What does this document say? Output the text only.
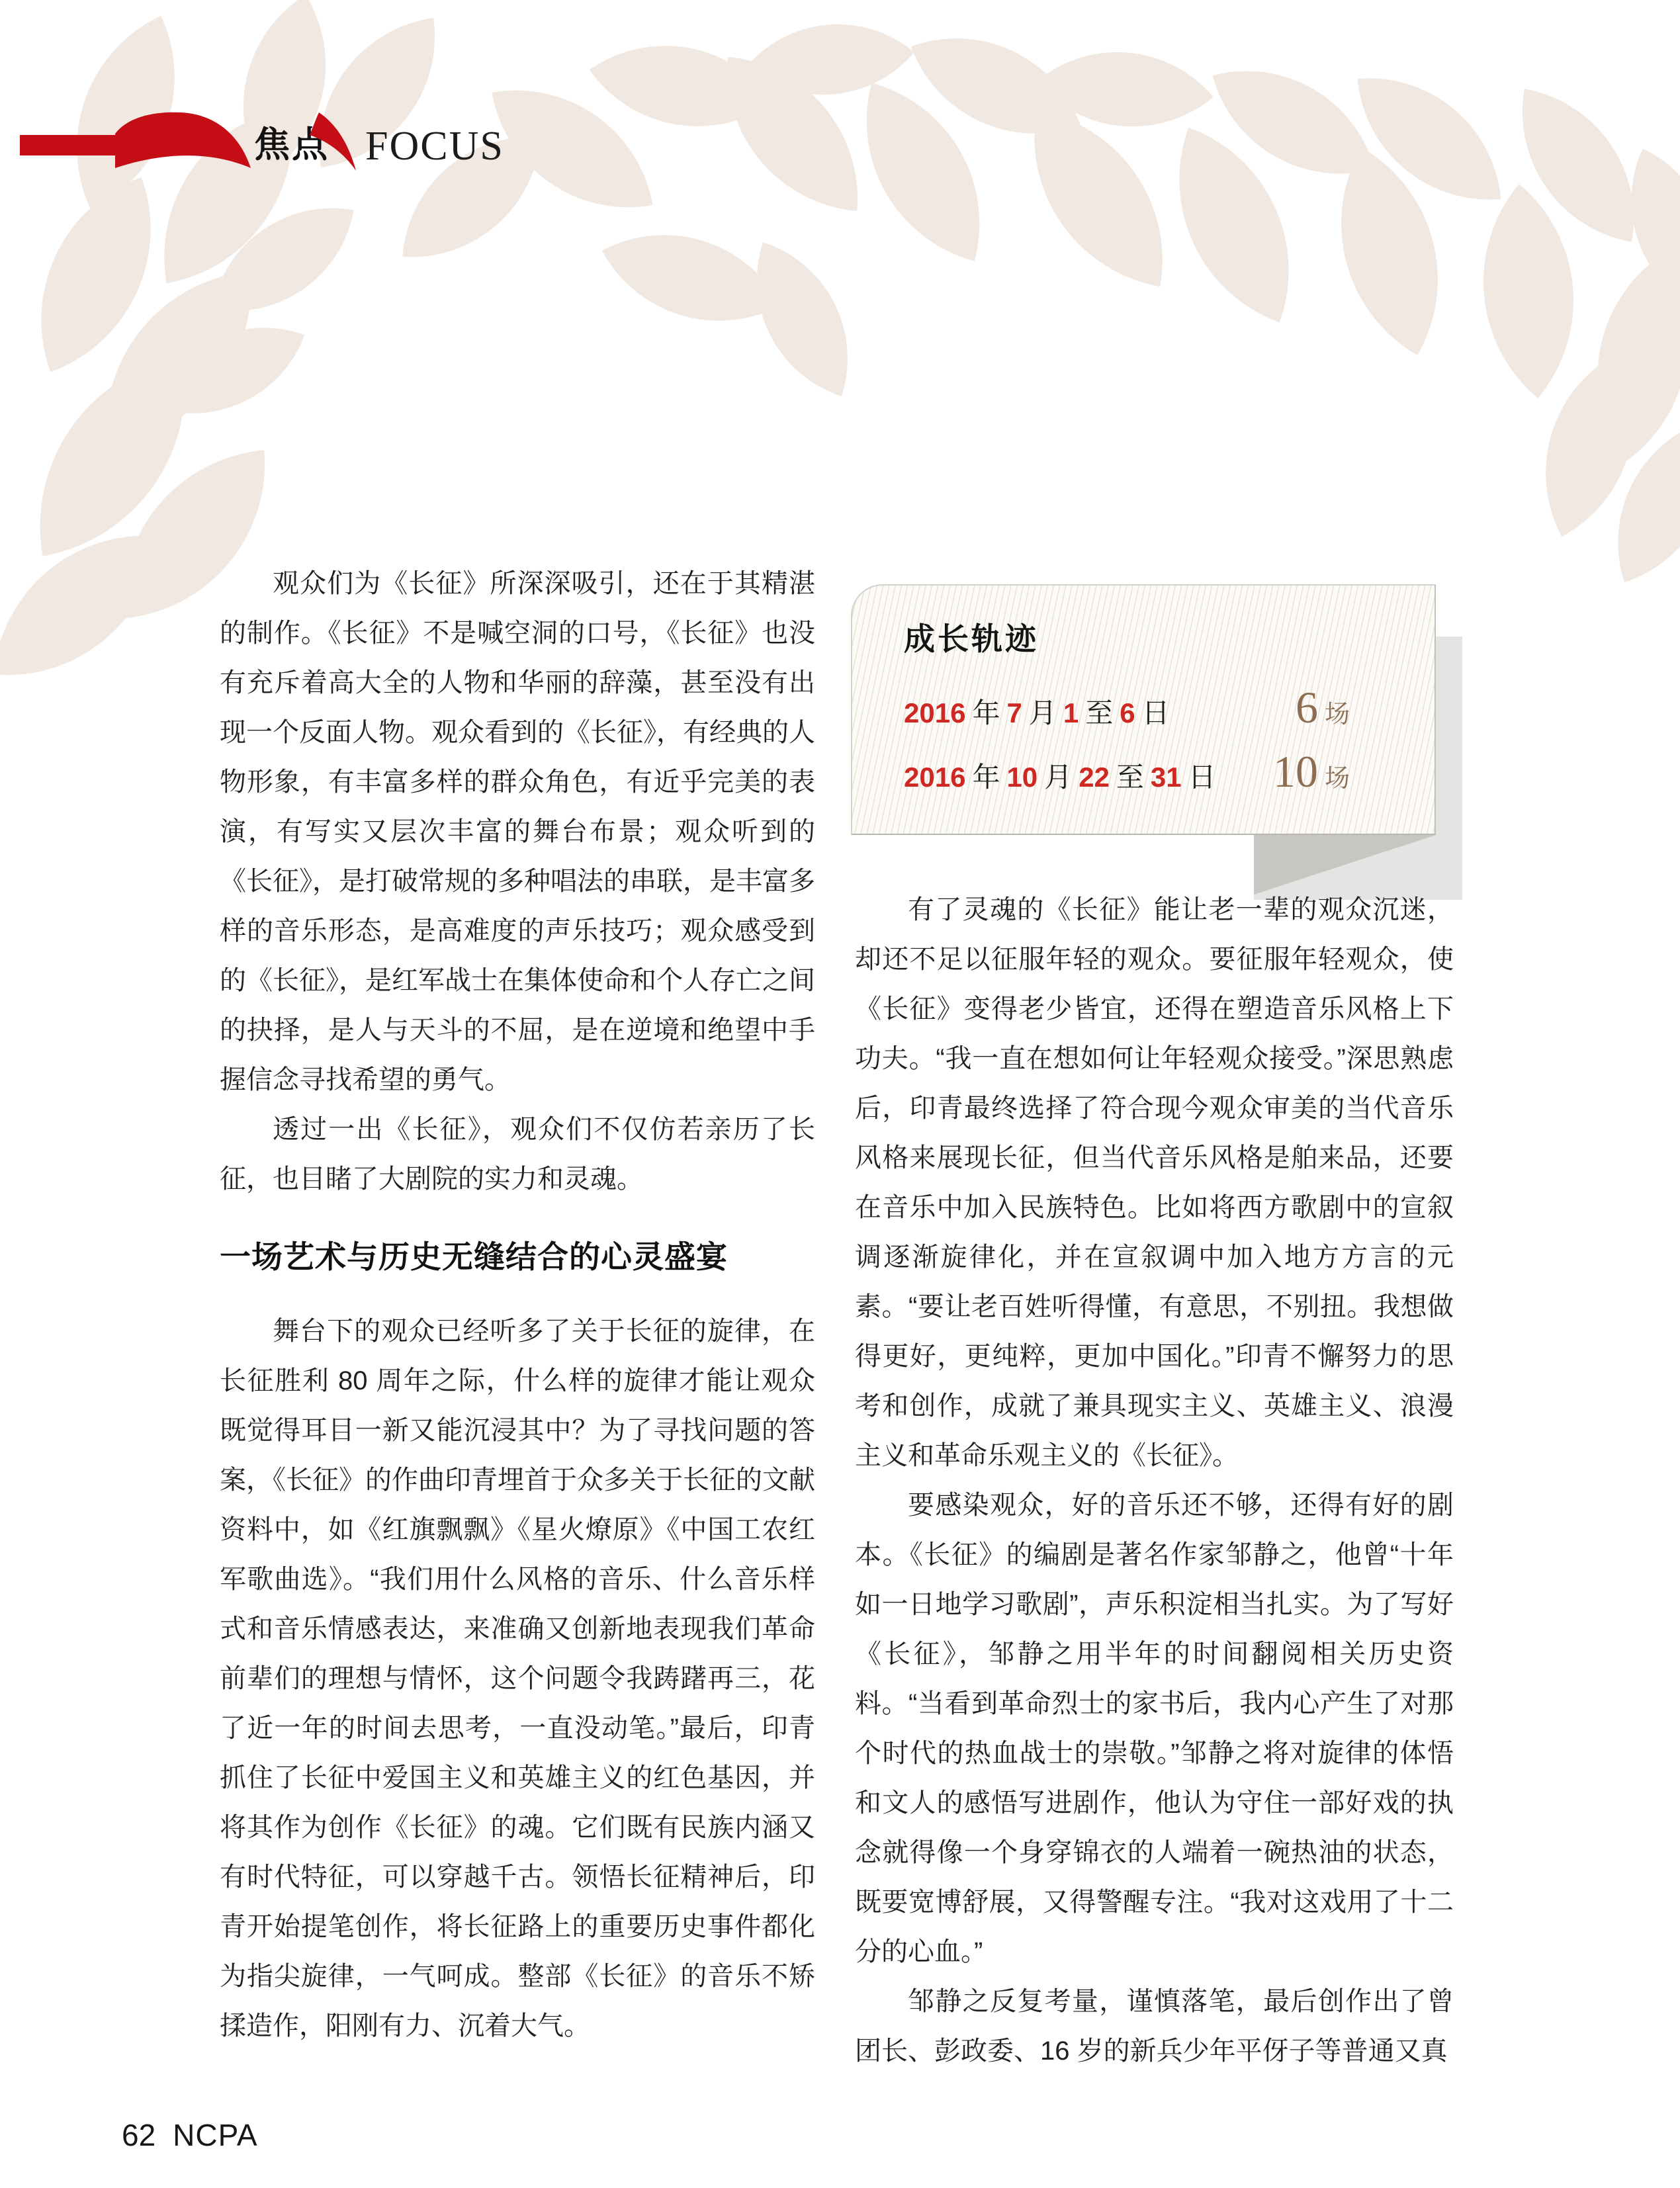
焦点 FOCUS
成长轨迹
2016 年 7 月 1 至 6 日	6 场
2016 年 10 月 22 至 31 日 10 场

观众们为《长征》所深深吸引，还在于其精湛的制作。《长征》不是喊空洞的口号，《长征》也没有充斥着高大全的人物和华丽的辞藻，甚至没有出现一个反面人物。观众看到的《长征》，有经典的人物形象，有丰富多样的群众角色，有近乎完美的表演，有写实又层次丰富的舞台布景；观众听到的《长征》，是打破常规的多种唱法的串联，是丰富多样的音乐形态，是高难度的声乐技巧；观众感受到的《长征》，是红军战士在集体使命和个人存亡之间的抉择，是人与天斗的不屈，是在逆境和绝望中手握信念寻找希望的勇气。

透过一出《长征》，观众们不仅仿若亲历了长征，也目睹了大剧院的实力和灵魂。

一场艺术与历史无缝结合的心灵盛宴

舞台下的观众已经听多了关于长征的旋律，在长征胜利 80 周年之际，什么样的旋律才能让观众既觉得耳目一新又能沉浸其中？为了寻找问题的答案，《长征》的作曲印青埋首于众多关于长征的文献资料中，如《红旗飘飘》《星火燎原》《中国工农红军歌曲选》。“我们用什么风格的音乐、什么音乐样式和音乐情感表达，来准确又创新地表现我们革命前辈们的理想与情怀，这个问题令我踌躇再三，花了近一年的时间去思考，一直没动笔。”最后，印青抓住了长征中爱国主义和英雄主义的红色基因，并将其作为创作《长征》的魂。它们既有民族内涵又有时代特征，可以穿越千古。领悟长征精神后，印青开始提笔创作，将长征路上的重要历史事件都化为指尖旋律，一气呵成。整部《长征》的音乐不矫揉造作，阳刚有力、沉着大气。

有了灵魂的《长征》能让老一辈的观众沉迷，却还不足以征服年轻的观众。要征服年轻观众，使《长征》变得老少皆宜，还得在塑造音乐风格上下功夫。“我一直在想如何让年轻观众接受。”深思熟虑后，印青最终选择了符合现今观众审美的当代音乐风格来展现长征，但当代音乐风格是舶来品，还要在音乐中加入民族特色。比如将西方歌剧中的宣叙调逐渐旋律化，并在宣叙调中加入地方方言的元素。“要让老百姓听得懂，有意思，不别扭。我想做得更好，更纯粹，更加中国化。”印青不懈努力的思考和创作，成就了兼具现实主义、英雄主义、浪漫主义和革命乐观主义的《长征》。

要感染观众，好的音乐还不够，还得有好的剧本。《长征》的编剧是著名作家邹静之，他曾“十年如一日地学习歌剧”，声乐积淀相当扎实。为了写好《长征》，邹静之用半年的时间翻阅相关历史资料。“当看到革命烈士的家书后，我内心产生了对那个时代的热血战士的崇敬。”邹静之将对旋律的体悟和文人的感悟写进剧作，他认为守住一部好戏的执念就得像一个身穿锦衣的人端着一碗热油的状态，既要宽博舒展，又得警醒专注。“我对这戏用了十二分的心血。”

邹静之反复考量，谨慎落笔，最后创作出了曾团长、彭政委、16 岁的新兵少年平伢子等普通又真

62 NCPA
